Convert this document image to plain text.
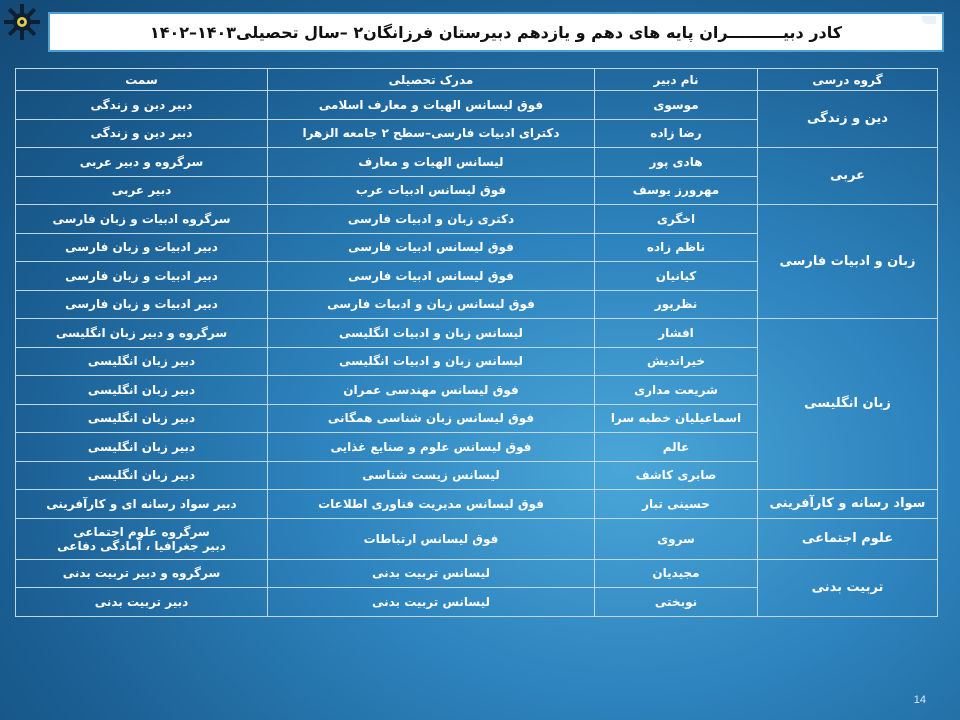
کادر دبیــــــــــران پایه های دهم و یازدهم دبیرستان فرزانگان۲ –سال تحصیلی۱۴۰۳–۱۴۰۲
گروه درسی	نام دبیر	مدرک تحصیلی	سمت
دین و زندگی	موسوی	فوق لیسانس الهیات و معارف اسلامی	دبیر دین و زندگی
	رضا زاده	دکترای ادبیات فارسی–سطح ۲ جامعه الزهرا	دبیر دین و زندگی
عربی	هادی پور	لیسانس الهیات و معارف	سرگروه و دبیر عربی
	مهرورز یوسف	فوق لیسانس ادبیات عرب	دبیر عربی
زبان و ادبیات فارسی	اخگری	دکتری زبان و ادبیات فارسی	سرگروه ادبیات و زبان فارسی
	ناظم زاده	فوق لیسانس ادبیات فارسی	دبیر ادبیات و زبان فارسی
	کیانیان	فوق لیسانس ادبیات فارسی	دبیر ادبیات و زبان فارسی
	نظرپور	فوق لیسانس زبان و ادبیات فارسی	دبیر ادبیات و زبان فارسی
زبان انگلیسی	افشار	لیسانس زبان و ادبیات انگلیسی	سرگروه و دبیر زبان انگلیسی
	خیراندیش	لیسانس زبان و ادبیات انگلیسی	دبیر زبان انگلیسی
	شریعت مداری	فوق لیسانس مهندسی عمران	دبیر زبان انگلیسی
	اسماعیلیان خطبه سرا	فوق لیسانس زبان شناسی همگانی	دبیر زبان انگلیسی
	عالم	فوق لیسانس علوم و صنایع غذایی	دبیر زبان انگلیسی
	صابری کاشف	لیسانس زیست شناسی	دبیر زبان انگلیسی
سواد رسانه و کارآفرینی	حسینی تبار	فوق لیسانس مدیریت فناوری اطلاعات	دبیر سواد رسانه ای و کارآفرینی
علوم اجتماعی	سروی	فوق لیسانس ارتباطات	سرگروه علوم اجتماعی
دبیر جغرافیا ، آمادگی دفاعی
تربیت بدنی	مجیدیان	لیسانس تربیت بدنی	سرگروه و دبیر تربیت بدنی
	نوبختی	لیسانس تربیت بدنی	دبیر تربیت بدنی
14
